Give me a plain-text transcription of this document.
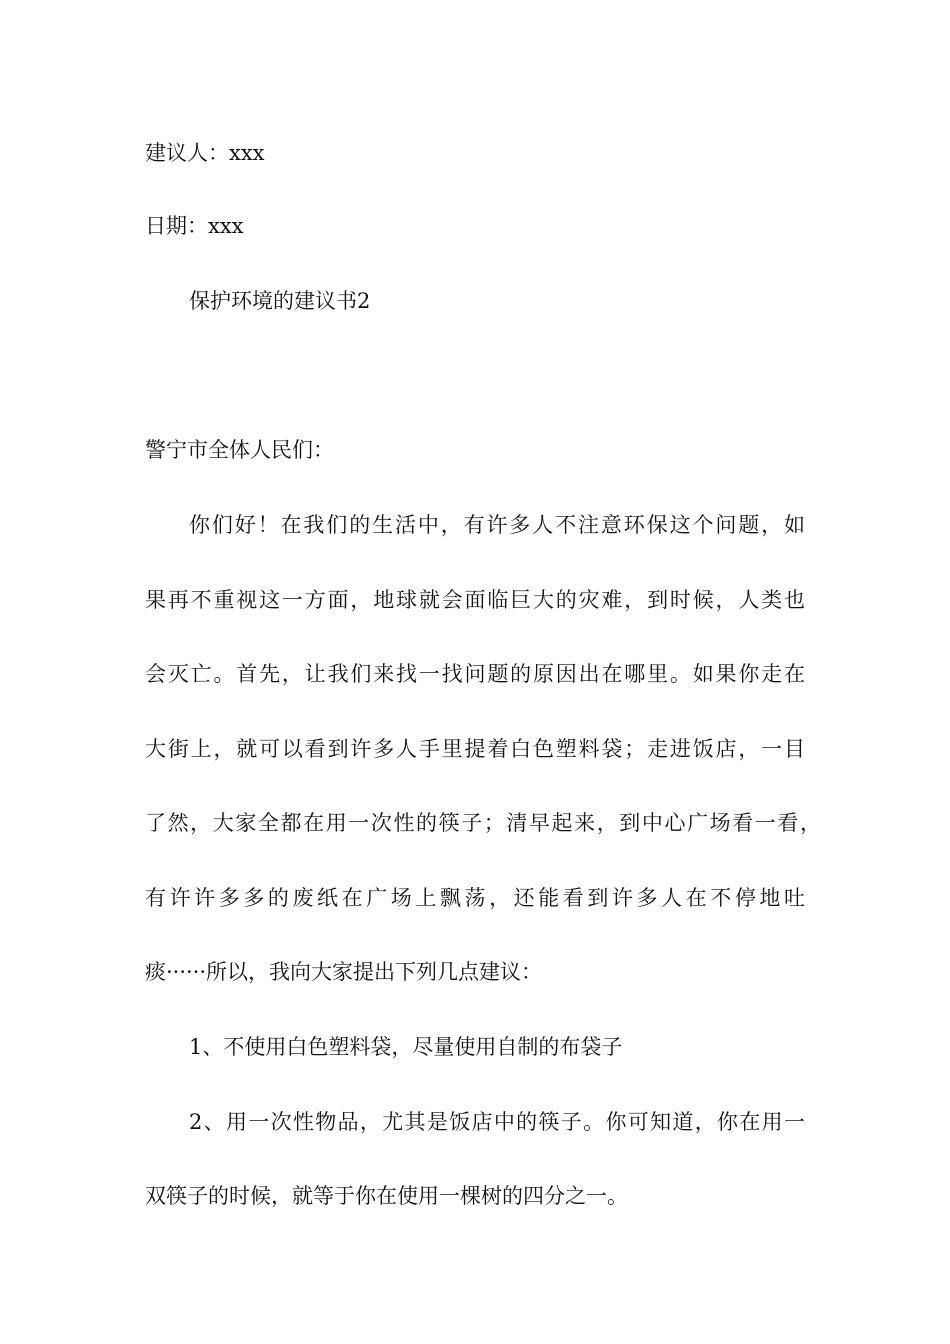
建议人：xxx
日期：xxx
保护环境的建议书2
警宁市全体人民们：
你们好！在我们的生活中，有许多人不注意环保这个问题，如
果再不重视这一方面，地球就会面临巨大的灾难，到时候，人类也
会灭亡。首先，让我们来找一找问题的原因出在哪里。如果你走在
大街上，就可以看到许多人手里提着白色塑料袋；走进饭店，一目
了然，大家全都在用一次性的筷子；清早起来，到中心广场看一看，
有许许多多的废纸在广场上飘荡，还能看到许多人在不停地吐
痰······所以，我向大家提出下列几点建议：
1、不使用白色塑料袋，尽量使用自制的布袋子
2、用一次性物品，尤其是饭店中的筷子。你可知道，你在用一
双筷子的时候，就等于你在使用一棵树的四分之一。
